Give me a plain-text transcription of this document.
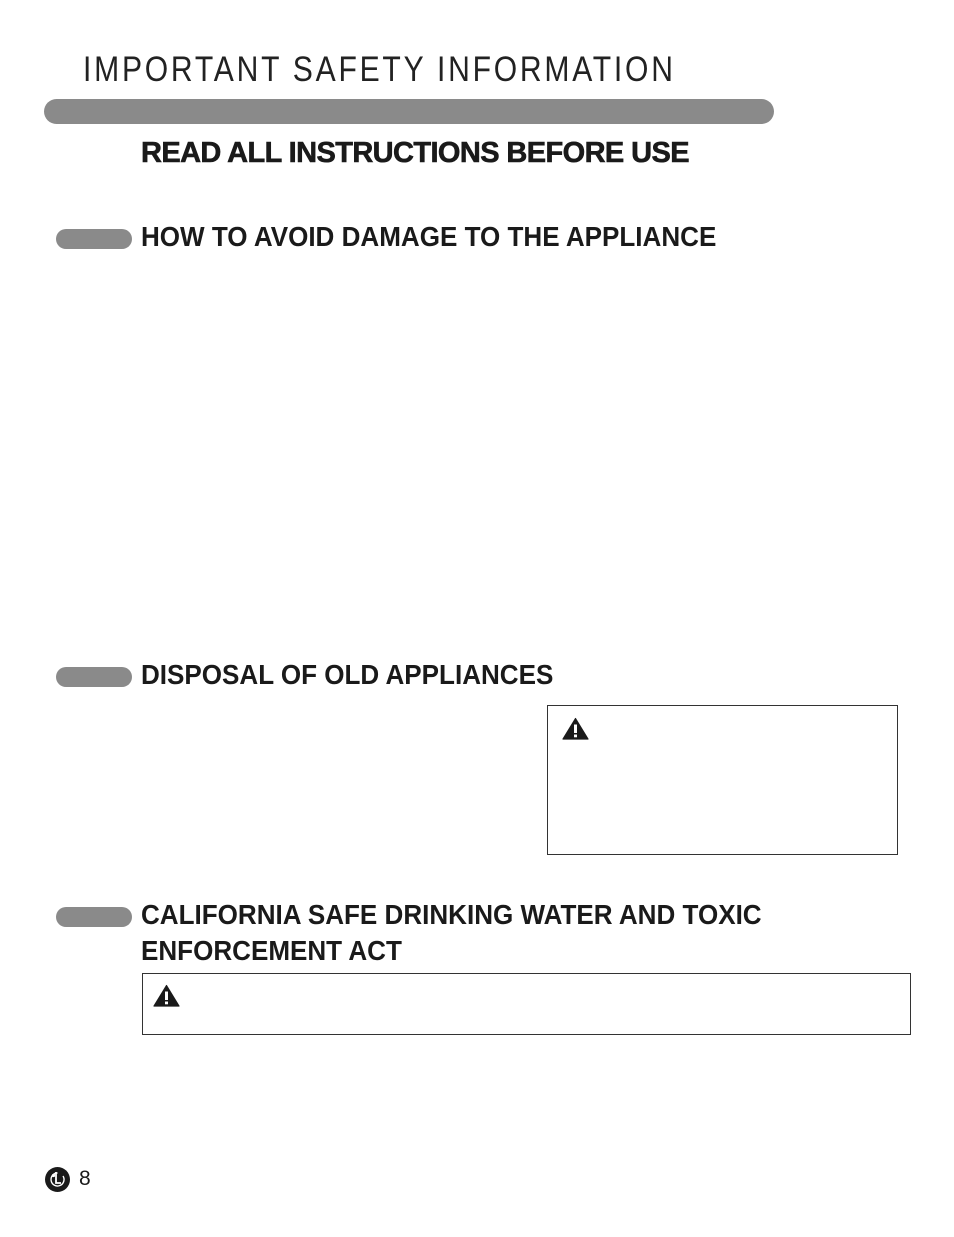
IMPORTANT SAFETY INFORMATION
READ ALL INSTRUCTIONS BEFORE USE
HOW TO AVOID DAMAGE TO THE APPLIANCE
DISPOSAL OF OLD APPLIANCES
CALIFORNIA SAFE DRINKING WATER AND TOXIC
ENFORCEMENT ACT
8
